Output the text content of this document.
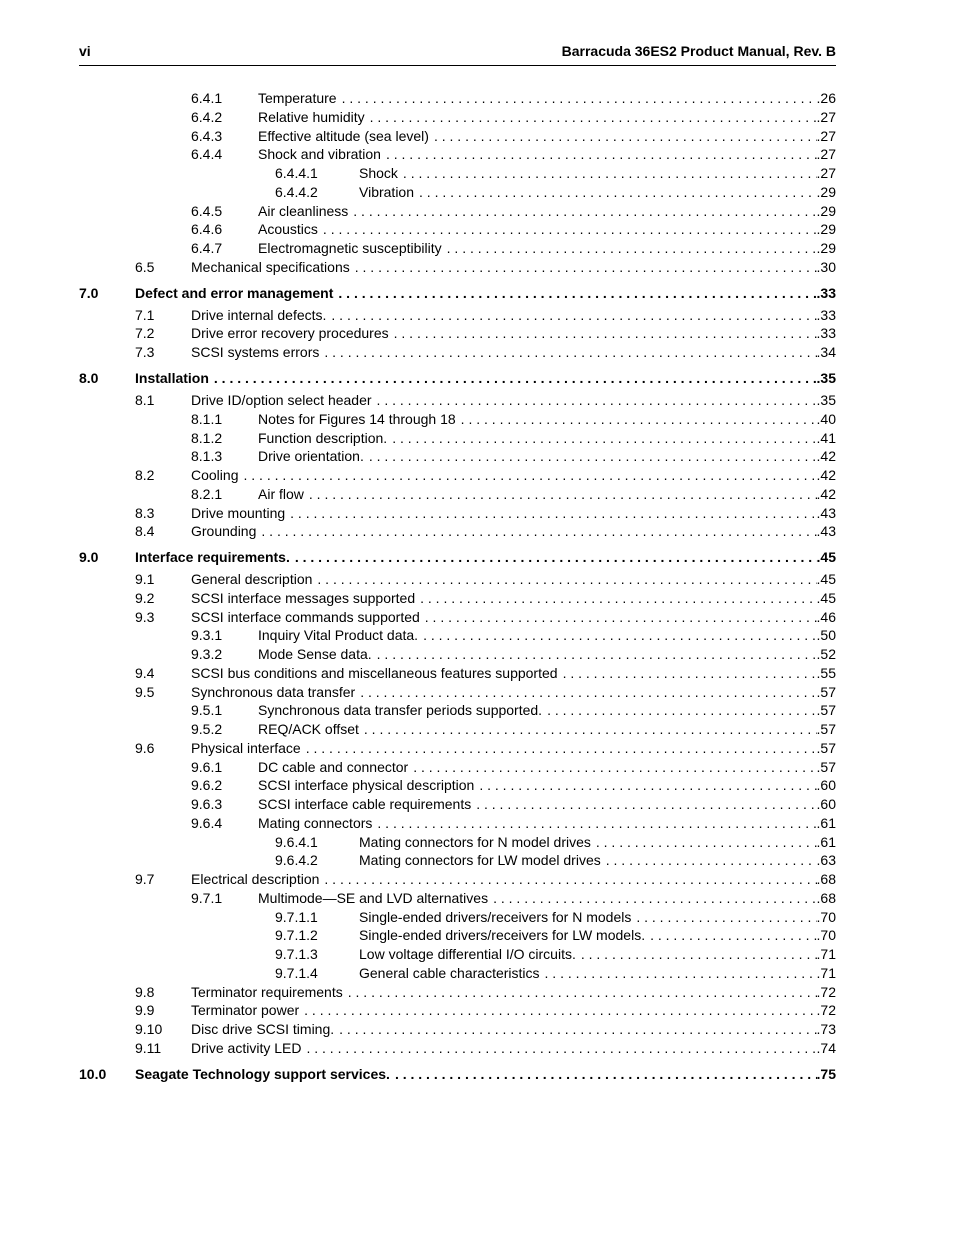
vi	Barracuda 36ES2 Product Manual, Rev. B
6.4.1	Temperature . . .	.26
6.4.2	Relative humidity . . .	.27
6.4.3	Effective altitude (sea level) . . .	.27
6.4.4	Shock and vibration . . .	.27
6.4.4.1	Shock . . .	.27
6.4.4.2	Vibration . . .	.29
6.4.5	Air cleanliness . . .	.29
6.4.6	Acoustics . . .	.29
6.4.7	Electromagnetic susceptibility . . .	.29
6.5	Mechanical specifications . . .	.30
7.0	Defect and error management . . .	.33
7.1	Drive internal defects. . . .	.33
7.2	Drive error recovery procedures . . .	.33
7.3	SCSI systems errors . . .	.34
8.0	Installation . . .	.35
8.1	Drive ID/option select header . . .	.35
8.1.1	Notes for Figures 14 through 18 . . .	.40
8.1.2	Function description. . . .	.41
8.1.3	Drive orientation. . . .	.42
8.2	Cooling . . .	.42
8.2.1	Air flow . . .	.42
8.3	Drive mounting . . .	.43
8.4	Grounding . . .	.43
9.0	Interface requirements. . . .	.45
9.1	General description . . .	.45
9.2	SCSI interface messages supported . . .	.45
9.3	SCSI interface commands supported . . .	.46
9.3.1	Inquiry Vital Product data. . . .	.50
9.3.2	Mode Sense data. . . .	.52
9.4	SCSI bus conditions and miscellaneous features supported . . .	.55
9.5	Synchronous data transfer . . .	.57
9.5.1	Synchronous data transfer periods supported. . . .	.57
9.5.2	REQ/ACK offset . . .	.57
9.6	Physical interface . . .	.57
9.6.1	DC cable and connector . . .	.57
9.6.2	SCSI interface physical description . . .	.60
9.6.3	SCSI interface cable requirements . . .	.60
9.6.4	Mating connectors . . .	.61
9.6.4.1	Mating connectors for N model drives . . .	.61
9.6.4.2	Mating connectors for LW model drives . . .	.63
9.7	Electrical description . . .	.68
9.7.1	Multimode—SE and LVD alternatives . . .	.68
9.7.1.1	Single-ended drivers/receivers for N models . . .	.70
9.7.1.2	Single-ended drivers/receivers for LW models. . . .	.70
9.7.1.3	Low voltage differential I/O circuits. . . .	.71
9.7.1.4	General cable characteristics . . .	.71
9.8	Terminator requirements . . .	.72
9.9	Terminator power . . .	.72
9.10 Disc drive SCSI timing. . . .	.73
9.11 Drive activity LED . . .	.74
10.0 Seagate Technology support services. . . .	.75
